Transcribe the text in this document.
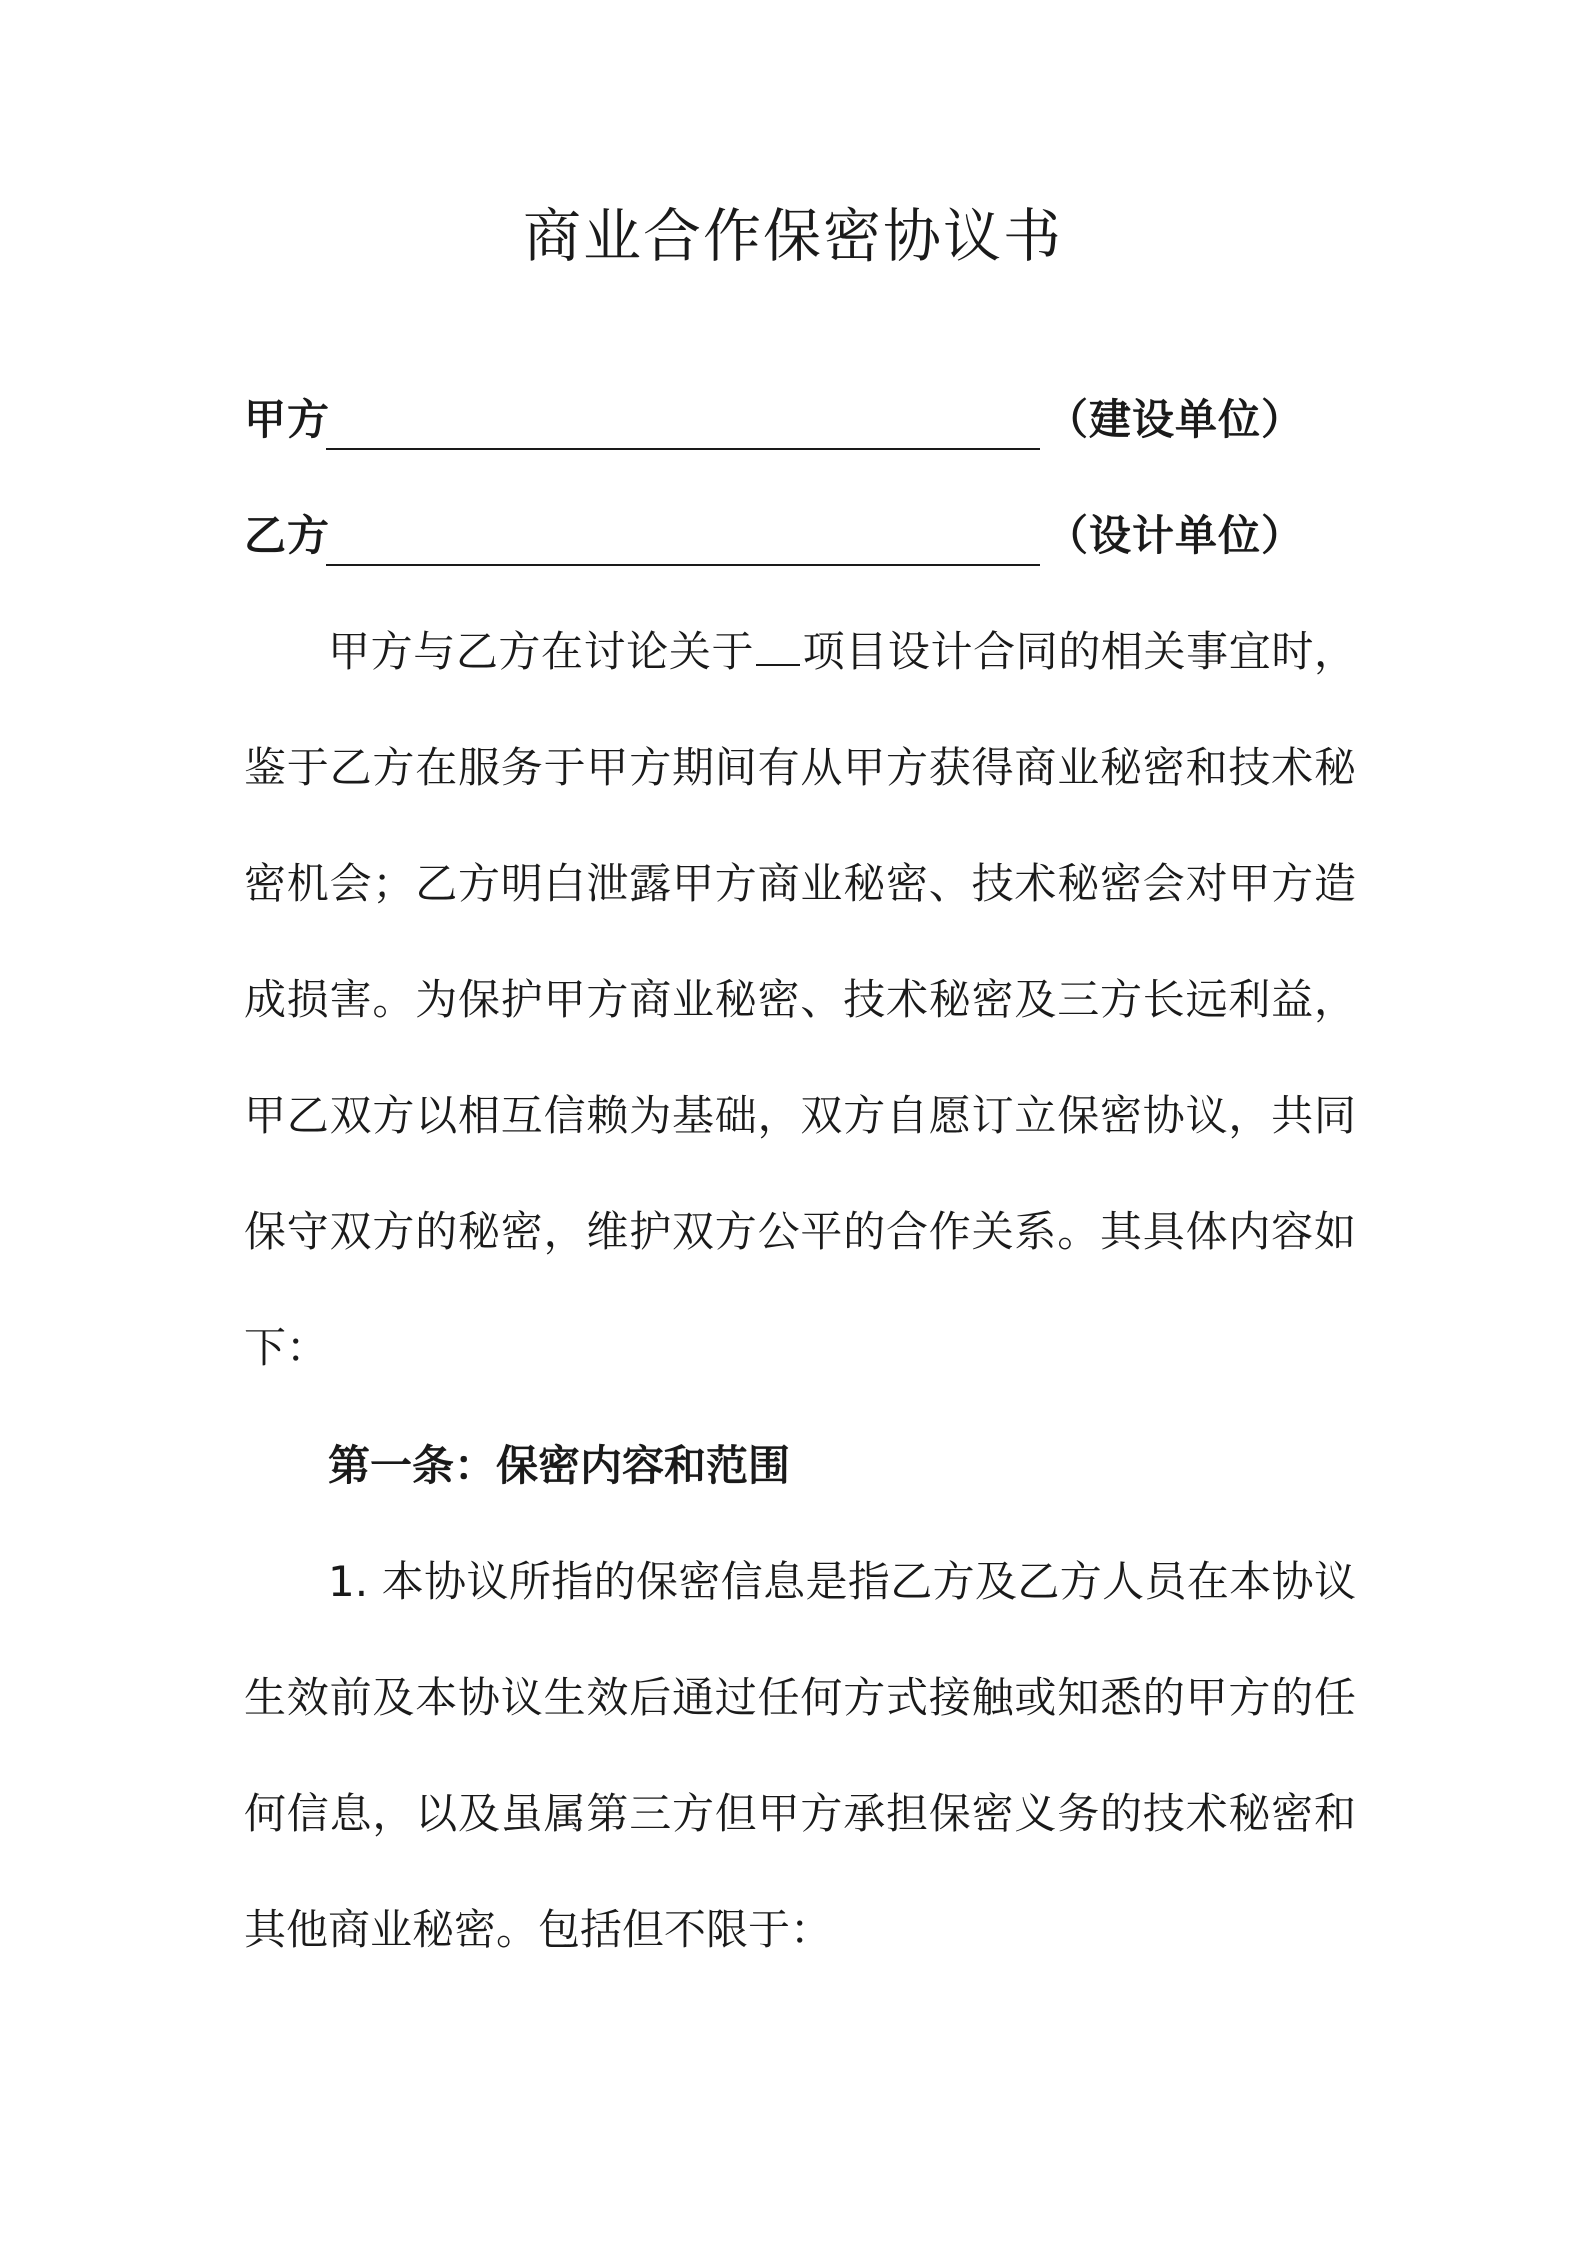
商业合作保密协议书
甲方	（建设单位）
乙方	（设计单位）

甲方与乙方在讨论关于 项目设计合同的相关事宜时，鉴于乙方在服务于甲方期间有从甲方获得商业秘密和技术秘密机会；乙方明白泄露甲方商业秘密、技术秘密会对甲方造成损害。为保护甲方商业秘密、技术秘密及三方长远利益，甲乙双方以相互信赖为基础，双方自愿订立保密协议，共同保守双方的秘密，维护双方公平的合作关系。其具体内容如下：

第一条：保密内容和范围

1. 本协议所指的保密信息是指乙方及乙方人员在本协议生效前及本协议生效后通过任何方式接触或知悉的甲方的任何信息，以及虽属第三方但甲方承担保密义务的技术秘密和其他商业秘密。包括但不限于：
